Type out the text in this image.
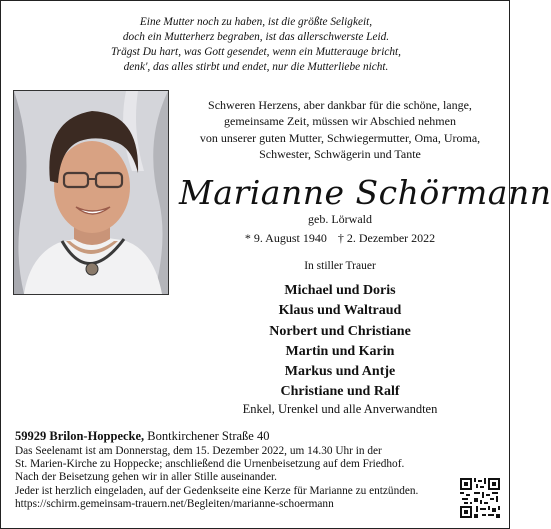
Eine Mutter noch zu haben, ist die größte Seligkeit,
doch ein Mutterherz begraben, ist das allerschwerste Leid.
Trägst Du hart, was Gott gesendet, wenn ein Mutterauge bricht,
denk', das alles stirbt und endet, nur die Mutterliebe nicht.
Schweren Herzens, aber dankbar für die schöne, lange,
gemeinsame Zeit, müssen wir Abschied nehmen
von unserer guten Mutter, Schwiegermutter, Oma, Uroma,
Schwester, Schwägerin und Tante
Marianne Schörmann
geb. Lörwald
* 9. August 1940 † 2. Dezember 2022
In stiller Trauer
Michael und Doris
Klaus und Waltraud
Norbert und Christiane
Martin und Karin
Markus und Antje
Christiane und Ralf
Enkel, Urenkel und alle Anverwandten
59929 Brilon-Hoppecke, Bontkirchener Straße 40
Das Seelenamt ist am Donnerstag, dem 15. Dezember 2022, um 14.30 Uhr in der
St. Marien-Kirche zu Hoppecke; anschließend die Urnenbeisetzung auf dem Friedhof.
Nach der Beisetzung gehen wir in aller Stille auseinander.
Jeder ist herzlich eingeladen, auf der Gedenkseite eine Kerze für Marianne zu entzünden.
https://schirm.gemeinsam-trauern.net/Begleiten/marianne-schoermann
